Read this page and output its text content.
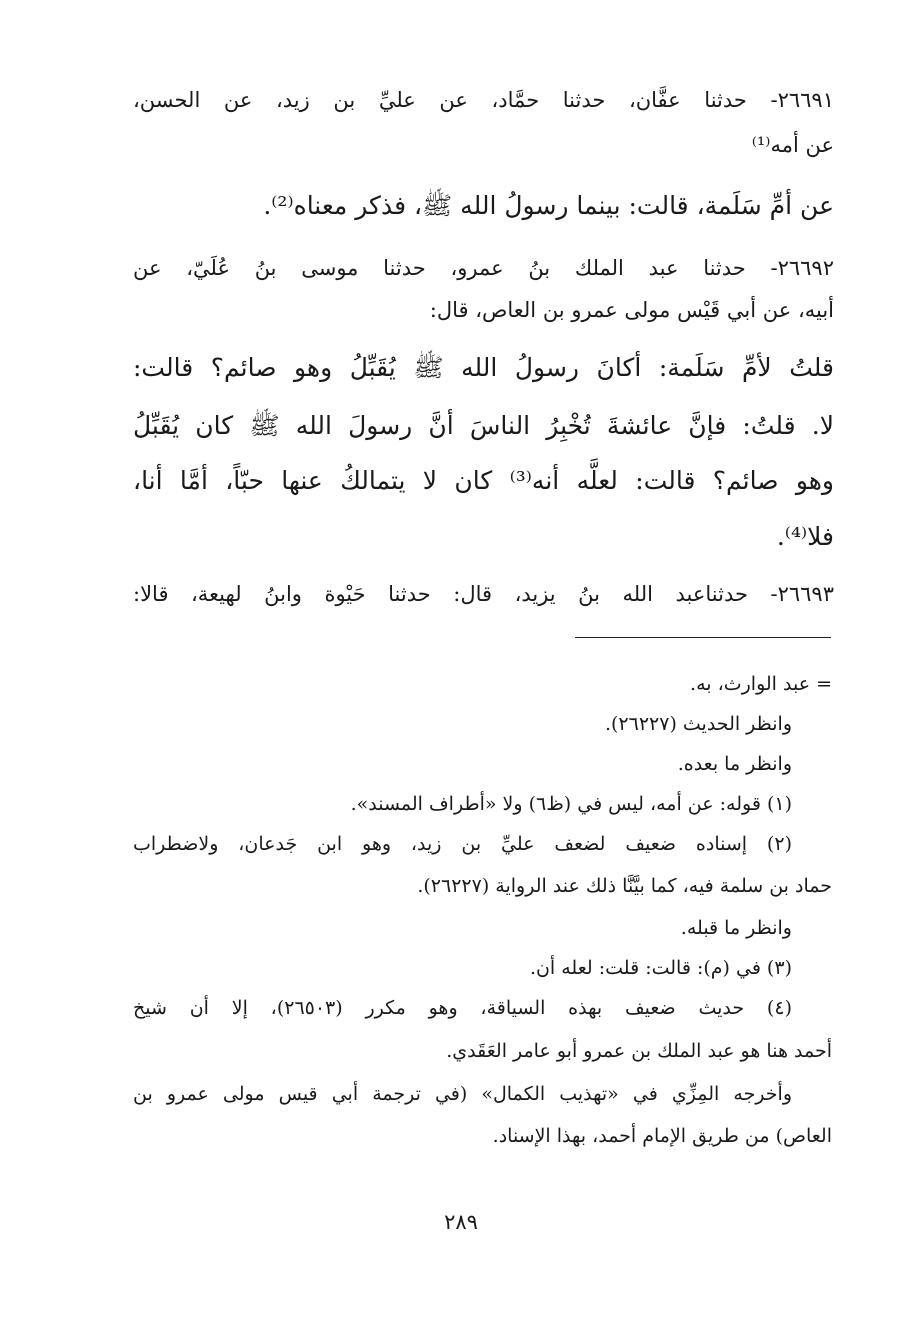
٢٦٦٩١- حدثنا عفَّان، حدثنا حمَّاد، عن عليِّ بن زيد، عن الحسن،
عن أمه⁽¹⁾
عن أمِّ سَلَمة، قالت: بينما رسولُ الله ﷺ، فذكر معناه⁽²⁾.
٢٦٦٩٢- حدثنا عبد الملك بنُ عمرو، حدثنا موسى بنُ عُلَيّ، عن
أبيه، عن أبي قَيْس مولى عمرو بن العاص، قال:
قلتُ لأمِّ سَلَمة: أكانَ رسولُ الله ﷺ يُقَبِّلُ وهو صائم؟ قالت:
لا. قلتُ: فإنَّ عائشةَ تُخْبِرُ الناسَ أنَّ رسولَ الله ﷺ كان يُقَبِّلُ
وهو صائم؟ قالت: لعلَّه أنه⁽³⁾ كان لا يتمالكُ عنها حبّاً، أمَّا أنا،
فلا⁽⁴⁾.
٢٦٦٩٣- حدثناعبد الله بنُ يزيد، قال: حدثنا حَيْوة وابنُ لهيعة، قالا:
= عبد الوارث، به.
وانظر الحديث (٢٦٢٢٧).
وانظر ما بعده.
(١) قوله: عن أمه، ليس في (ظ٦) ولا «أطراف المسند».
(٢) إسناده ضعيف لضعف عليِّ بن زيد، وهو ابن جَدعان، ولاضطراب
حماد بن سلمة فيه، كما بيَّنَّا ذلك عند الرواية (٢٦٢٢٧).
وانظر ما قبله.
(٣) في (م): قالت: قلت: لعله أن.
(٤) حديث ضعيف بهذه السياقة، وهو مكرر (٢٦٥٠٣)، إلا أن شيخ
أحمد هنا هو عبد الملك بن عمرو أبو عامر العَقَدي.
وأخرجه المِزِّي في «تهذيب الكمال» (في ترجمة أبي قيس مولى عمرو بن
العاص) من طريق الإمام أحمد، بهذا الإسناد.
٢٨٩
